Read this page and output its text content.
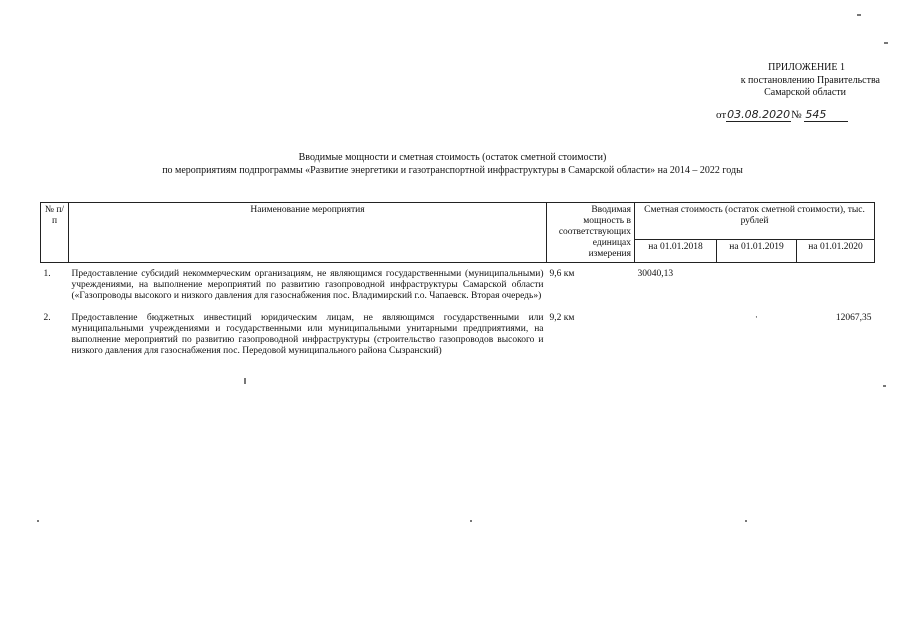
ПРИЛОЖЕНИЕ 1
к постановлению Правительства
Самарской области
от03.08.2020№ 545
Вводимые мощности и сметная стоимость (остаток сметной стоимости)
по мероприятиям подпрограммы «Развитие энергетики и газотранспортной инфраструктуры в Самарской области» на 2014 – 2022 годы
№ п/п	Наименование мероприятия	Вводимая мощность в соответствующих единицах измерения	Сметная стоимость (остаток сметной стоимости), тыс. рублей		
			на 01.01.2018	на 01.01.2019	на 01.01.2020
1.	Предоставление субсидий некоммерческим организациям, не являющимся государственными (муниципальными) учреждениями, на выполнение мероприятий по развитию газопроводной инфраструктуры Самарской области («Газопроводы высокого и низкого давления для газоснабжения пос. Владимирский г.о. Чапаевск. Вторая очередь»)	9,6 км	30040,13		
2.	Предоставление бюджетных инвестиций юридическим лицам, не являющимся государственными или муниципальными учреждениями и государственными или муниципальными унитарными предприятиями, на выполнение мероприятий по развитию газопроводной инфраструктуры (строительство газопроводов высокого и низкого давления для газоснабжения пос. Передовой муниципального района Сызранский)	9,2 км		·	12067,35
